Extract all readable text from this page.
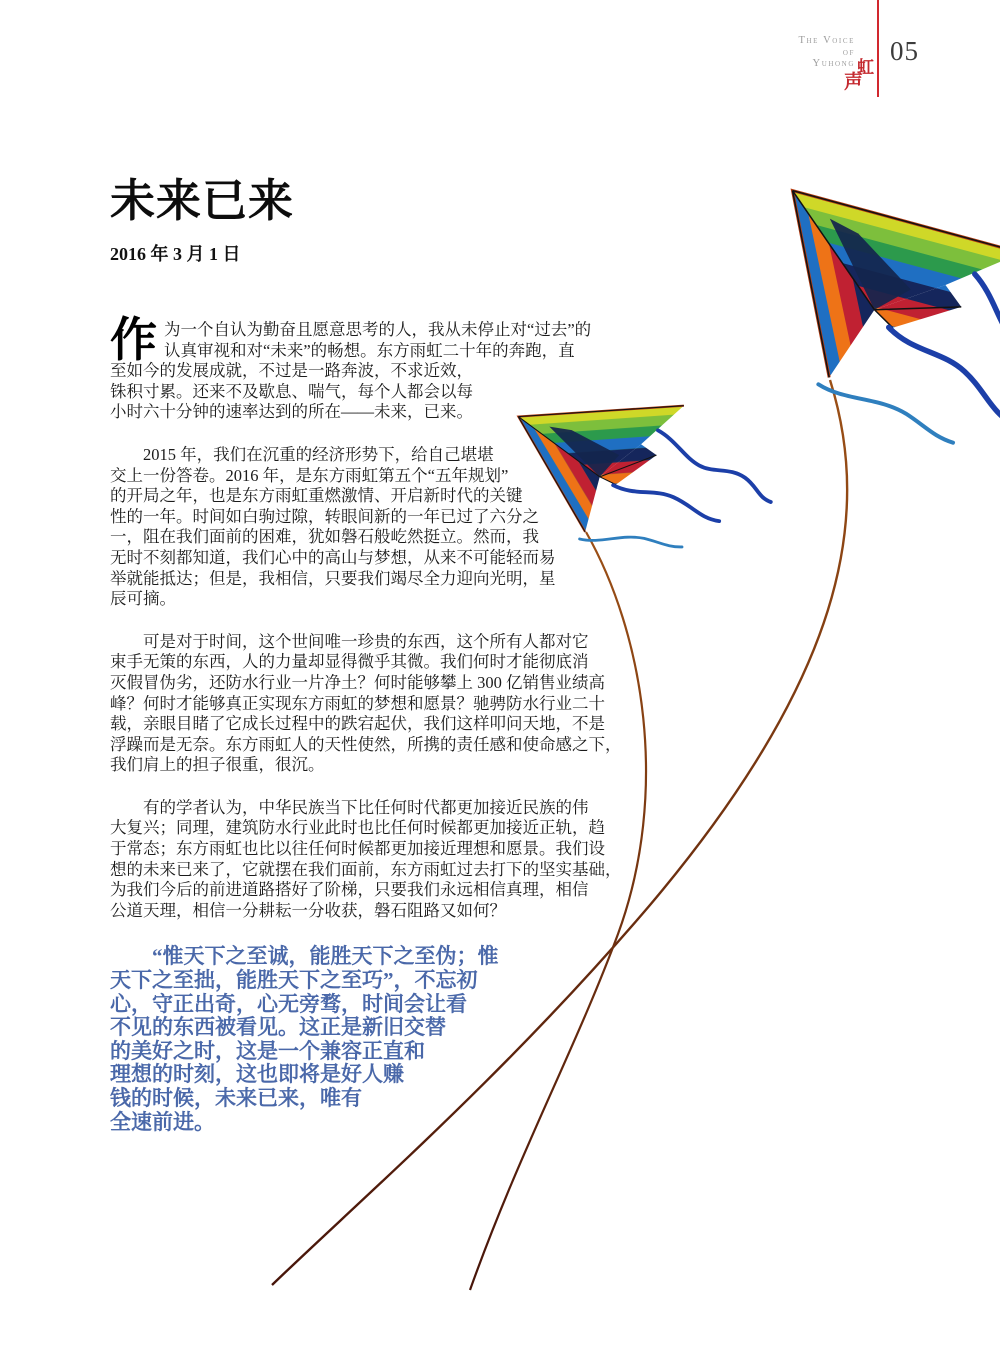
The Voice
of
Yuhong 虹
声
05
未来已来
2016 年 3 月 1 日

作为一个自认为勤奋且愿意思考的人，我从未停止对“过去”的
认真审视和对“未来”的畅想。东方雨虹二十年的奔跑，直
至如今的发展成就，不过是一路奔波，不求近效，
铢积寸累。还来不及歇息、喘气，每个人都会以每
小时六十分钟的速率达到的所在——未来，已来。

　　2015 年，我们在沉重的经济形势下，给自己堪堪
交上一份答卷。2016 年，是东方雨虹第五个“五年规划”
的开局之年，也是东方雨虹重燃激情、开启新时代的关键
性的一年。时间如白驹过隙，转眼间新的一年已过了六分之
一，阻在我们面前的困难，犹如磐石般屹然挺立。然而，我
无时不刻都知道，我们心中的高山与梦想，从来不可能轻而易
举就能抵达；但是，我相信，只要我们竭尽全力迎向光明，星
辰可摘。

　　可是对于时间，这个世间唯一珍贵的东西，这个所有人都对它
束手无策的东西，人的力量却显得微乎其微。我们何时才能彻底消
灭假冒伪劣，还防水行业一片净土？何时能够攀上 300 亿销售业绩高
峰？何时才能够真正实现东方雨虹的梦想和愿景？驰骋防水行业二十
载，亲眼目睹了它成长过程中的跌宕起伏，我们这样叩问天地，不是
浮躁而是无奈。东方雨虹人的天性使然，所携的责任感和使命感之下，
我们肩上的担子很重，很沉。

　　有的学者认为，中华民族当下比任何时代都更加接近民族的伟
大复兴；同理，建筑防水行业此时也比任何时候都更加接近正轨，趋
于常态；东方雨虹也比以往任何时候都更加接近理想和愿景。我们设
想的未来已来了，它就摆在我们面前，东方雨虹过去打下的坚实基础，
为我们今后的前进道路搭好了阶梯，只要我们永远相信真理，相信
公道天理，相信一分耕耘一分收获，磐石阻路又如何？

　　“惟天下之至诚，能胜天下之至伪；惟
天下之至拙，能胜天下之至巧”，不忘初
心，守正出奇，心无旁骛，时间会让看
不见的东西被看见。这正是新旧交替
的美好之时，这是一个兼容正直和
理想的时刻，这也即将是好人赚
钱的时候，未来已来，唯有
全速前进。
